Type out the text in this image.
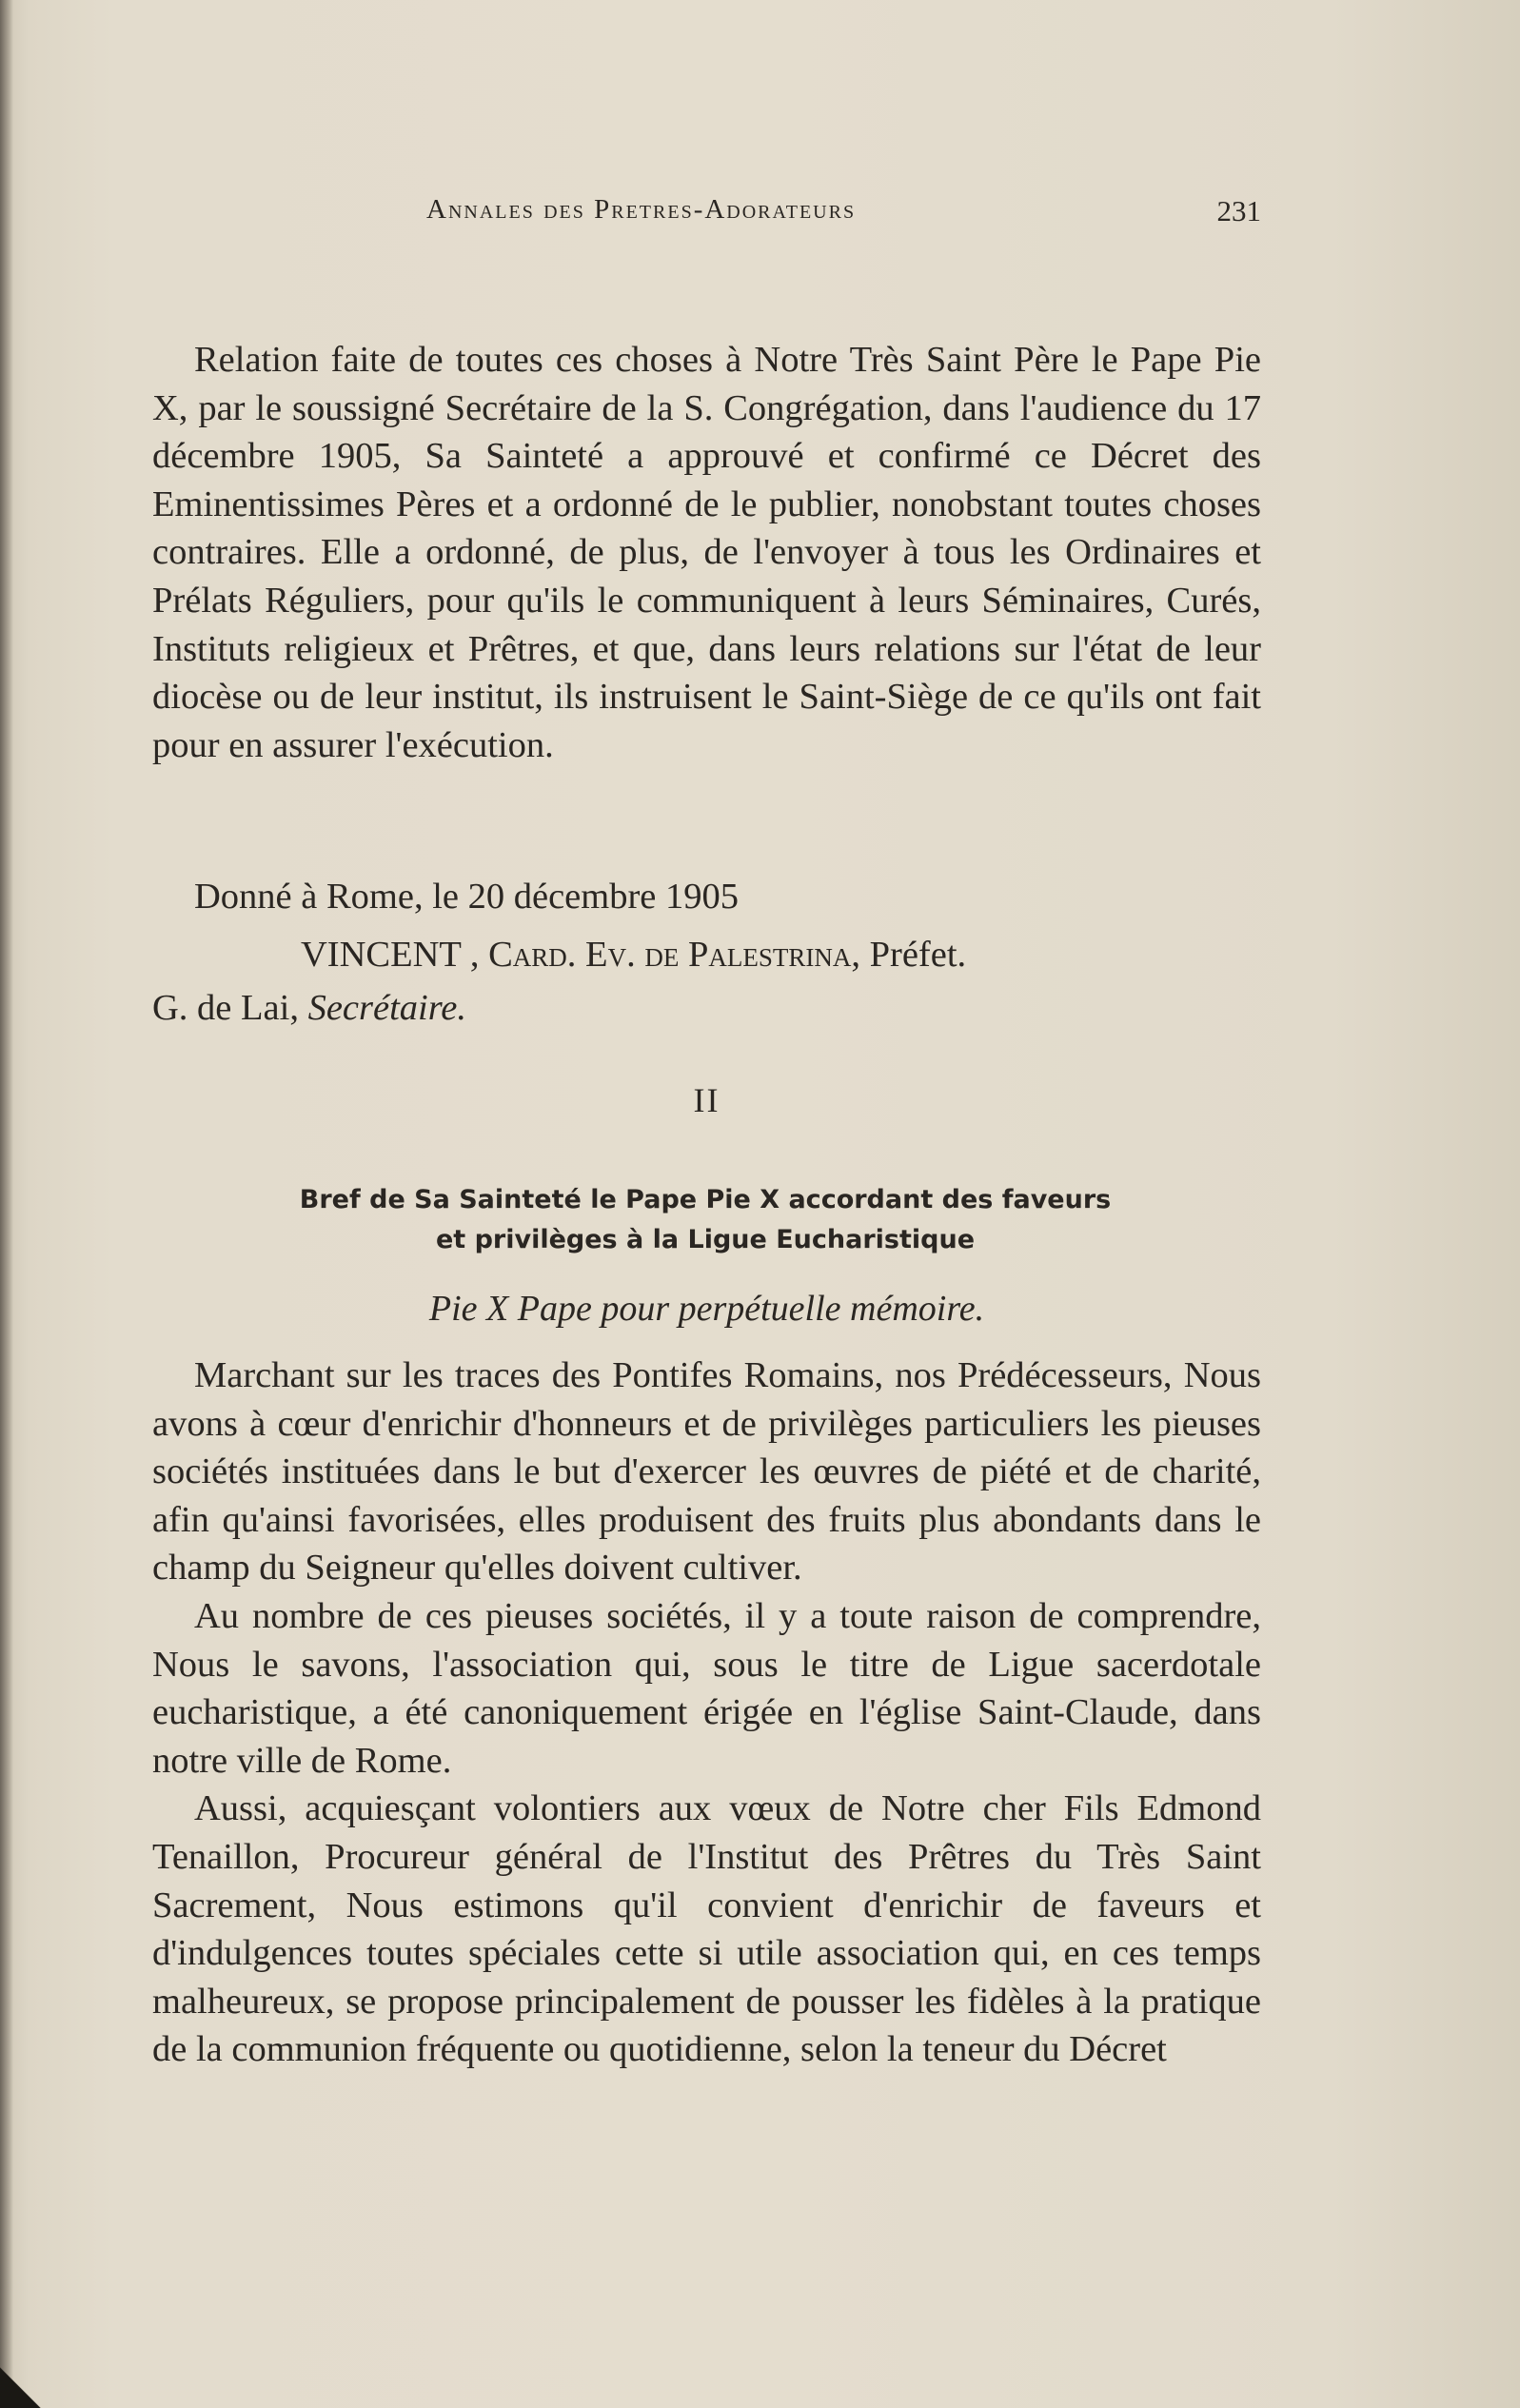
Annales des Pretres-Adorateurs	231

Relation faite de toutes ces choses à Notre Très Saint Père le Pape Pie X, par le soussigné Secrétaire de la S. Congrégation, dans l'audience du 17 décembre 1905, Sa Sainteté a approuvé et confirmé ce Décret des Eminentissimes Pères et a ordonné de le publier, nonobstant toutes choses contraires. Elle a ordonné, de plus, de l'envoyer à tous les Ordinaires et Prélats Réguliers, pour qu'ils le communiquent à leurs Séminaires, Curés, Instituts religieux et Prêtres, et que, dans leurs relations sur l'état de leur diocèse ou de leur institut, ils instruisent le Saint-Siège de ce qu'ils ont fait pour en assurer l'exécution.

Donné à Rome, le 20 décembre 1905
VINCENT , Card. Ev. de Palestrina, Préfet.
G. de Lai, Secrétaire.
II
Bref de Sa Sainteté le Pape Pie X accordant des faveurs
et privilèges à la Ligue Eucharistique
Pie X Pape pour perpétuelle mémoire.

Marchant sur les traces des Pontifes Romains, nos Prédécesseurs, Nous avons à cœur d'enrichir d'honneurs et de privilèges particuliers les pieuses sociétés instituées dans le but d'exercer les œuvres de piété et de charité, afin qu'ainsi favorisées, elles produisent des fruits plus abondants dans le champ du Seigneur qu'elles doivent cultiver.

Au nombre de ces pieuses sociétés, il y a toute raison de comprendre, Nous le savons, l'association qui, sous le titre de Ligue sacerdotale eucharistique, a été canoniquement érigée en l'église Saint-Claude, dans notre ville de Rome.

Aussi, acquiesçant volontiers aux vœux de Notre cher Fils Edmond Tenaillon, Procureur général de l'Institut des Prêtres du Très Saint Sacrement, Nous estimons qu'il convient d'enrichir de faveurs et d'indulgences toutes spéciales cette si utile association qui, en ces temps malheureux, se propose principalement de pousser les fidèles à la pratique de la communion fréquente ou quotidienne, selon la teneur du Décret
